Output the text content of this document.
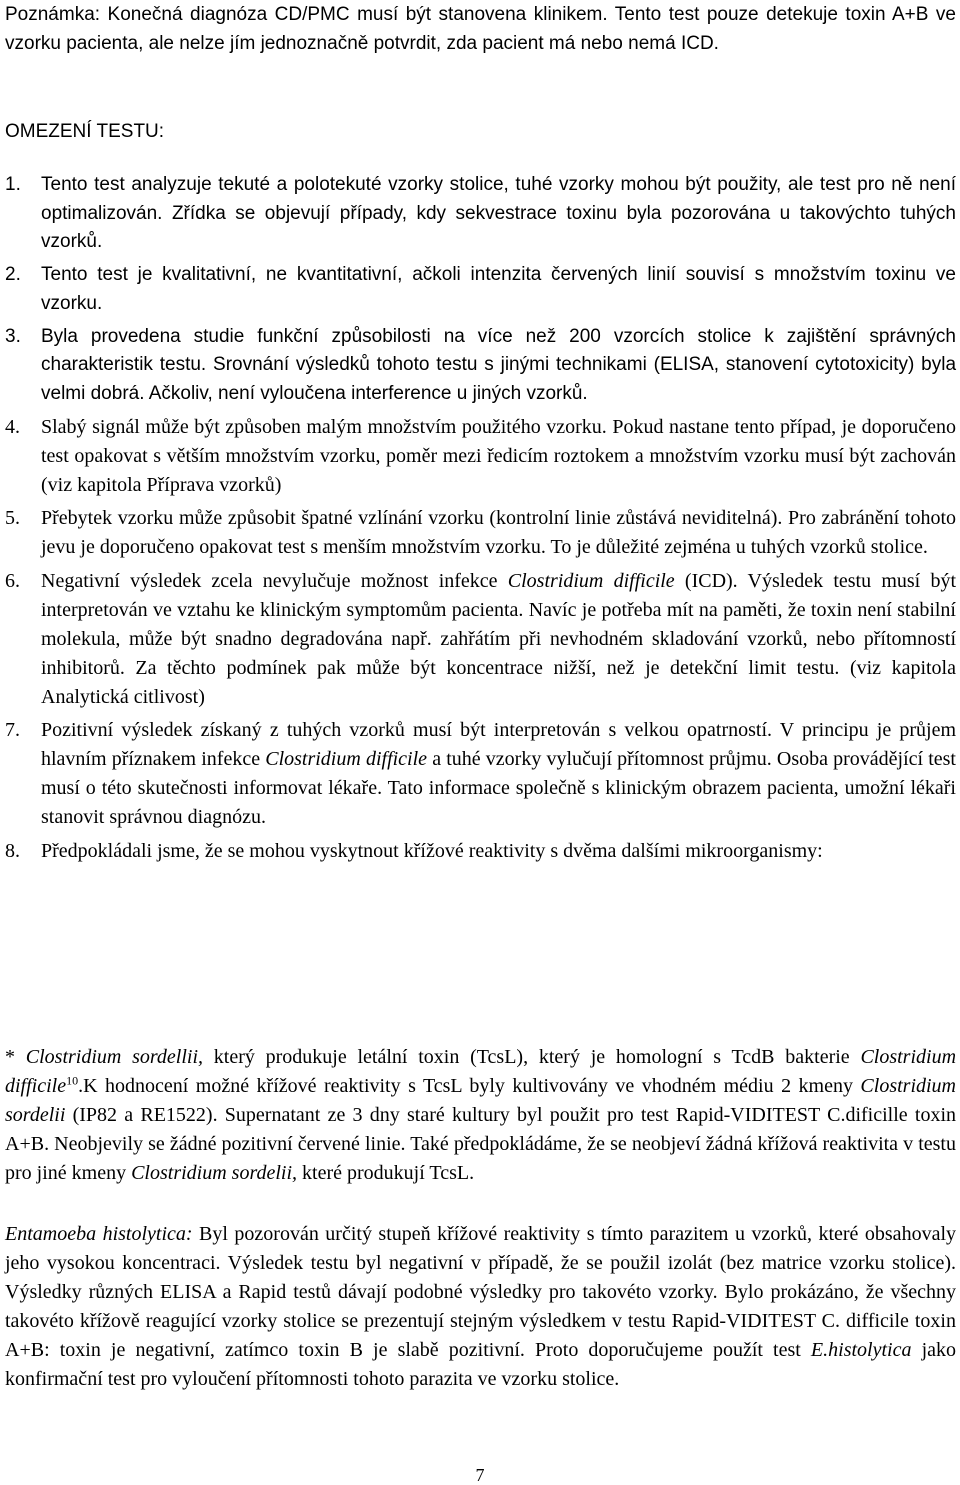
Poznámka: Konečná diagnóza CD/PMC musí být stanovena klinikem. Tento test pouze detekuje toxin A+B ve vzorku pacienta, ale nelze jím jednoznačně potvrdit, zda pacient má nebo nemá ICD.

OMEZENÍ TESTU:

1.	Tento test analyzuje tekuté a polotekuté vzorky stolice, tuhé vzorky mohou být použity, ale test pro ně není optimalizován. Zřídka se objevují případy, kdy sekvestrace toxinu byla pozorována u takovýchto tuhých vzorků.
2.	Tento test je kvalitativní, ne kvantitativní, ačkoli intenzita červených linií souvisí s množstvím toxinu ve vzorku.
3.	Byla provedena studie funkční způsobilosti na více než 200 vzorcích stolice k zajištění správných charakteristik testu. Srovnání výsledků tohoto testu s jinými technikami (ELISA, stanovení cytotoxicity) byla velmi dobrá. Ačkoliv, není vyloučena interference u jiných vzorků.
4.	Slabý signál může být způsoben malým množstvím použitého vzorku. Pokud nastane tento případ, je doporučeno test opakovat s větším množstvím vzorku, poměr mezi ředicím roztokem a množstvím vzorku musí být zachován (viz kapitola Příprava vzorků)
5.	Přebytek vzorku může způsobit špatné vzlínání vzorku (kontrolní linie zůstává neviditelná). Pro zabránění tohoto jevu je doporučeno opakovat test s menším množstvím vzorku. To je důležité zejména u tuhých vzorků stolice.
6.	Negativní výsledek zcela nevylučuje možnost infekce Clostridium difficile (ICD). Výsledek testu musí být interpretován ve vztahu ke klinickým symptomům pacienta. Navíc je potřeba mít na paměti, že toxin není stabilní molekula, může být snadno degradována např. zahřátím při nevhodném skladování vzorků, nebo přítomností inhibitorů. Za těchto podmínek pak může být koncentrace nižší, než je detekční limit testu. (viz kapitola Analytická citlivost)
7.	Pozitivní výsledek získaný z tuhých vzorků musí být interpretován s velkou opatrností. V principu je průjem hlavním příznakem infekce Clostridium difficile a tuhé vzorky vylučují přítomnost průjmu. Osoba provádějící test musí o této skutečnosti informovat lékaře. Tato informace společně s klinickým obrazem pacienta, umožní lékaři stanovit správnou diagnózu.
8.	Předpokládali jsme, že se mohou vyskytnout křížové reaktivity s dvěma dalšími mikroorganismy:

* Clostridium sordellii, který produkuje letální toxin (TcsL), který je homologní s TcdB bakterie Clostridium difficile$^{10}$.K hodnocení možné křížové reaktivity s TcsL byly kultivovány ve vhodném médiu 2 kmeny Clostridium sordelii (IP82 a RE1522). Supernatant ze 3 dny staré kultury byl použit pro test Rapid-VIDITEST C.dificille toxin A+B. Neobjevily se žádné pozitivní červené linie. Také předpokládáme, že se neobjeví žádná křížová reaktivita v testu pro jiné kmeny Clostridium sordelii, které produkují TcsL.

Entamoeba histolytica: Byl pozorován určitý stupeň křížové reaktivity s tímto parazitem u vzorků, které obsahovaly jeho vysokou koncentraci. Výsledek testu byl negativní v případě, že se použil izolát (bez matrice vzorku stolice). Výsledky různých ELISA a Rapid testů dávají podobné výsledky pro takovéto vzorky. Bylo prokázáno, že všechny takovéto křížově reagující vzorky stolice se prezentují stejným výsledkem v testu Rapid-VIDITEST C. difficile toxin A+B: toxin je negativní, zatímco toxin B je slabě pozitivní. Proto doporučujeme použít test E.histolytica jako konfirmační test pro vyloučení přítomnosti tohoto parazita ve vzorku stolice.

7
